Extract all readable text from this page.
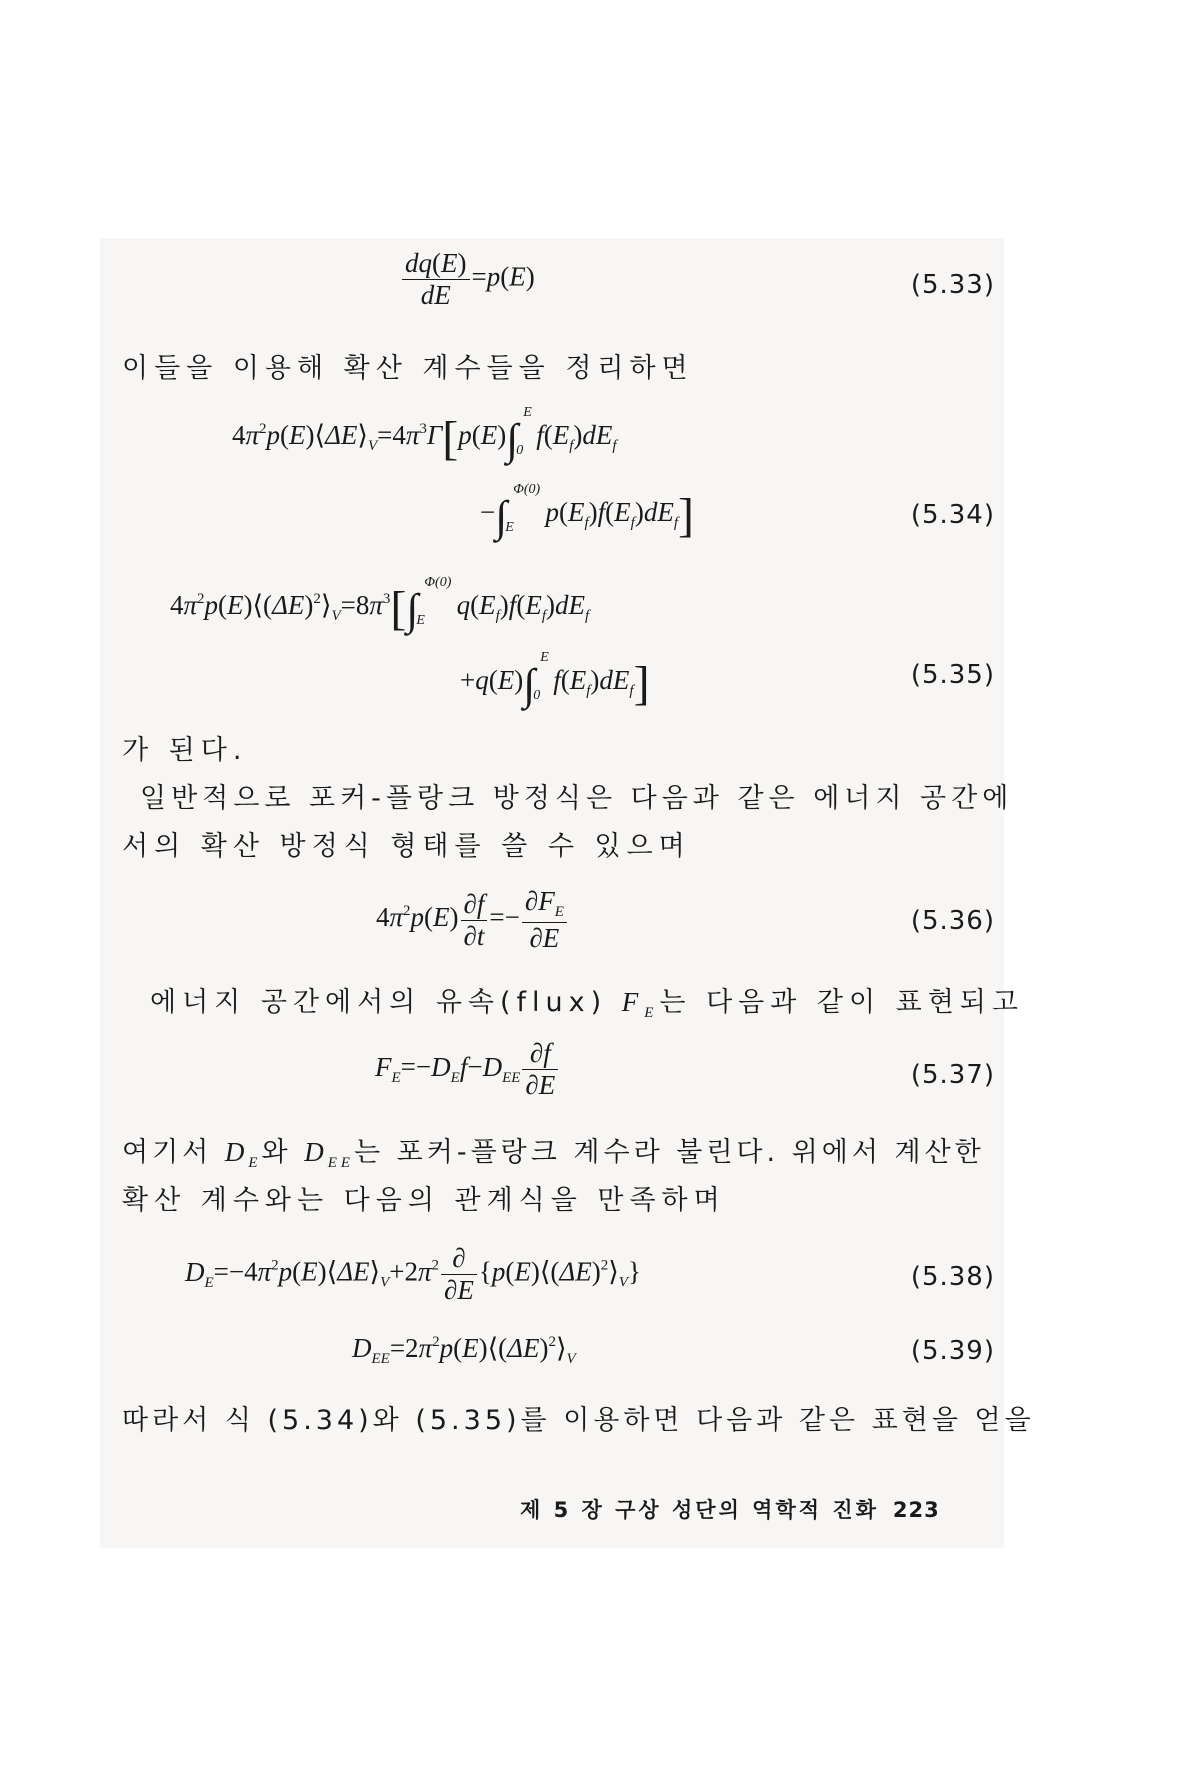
$\frac{dq(E)}{dE} =p(E)$	(5.33)
이들을 이용해 확산 계수들을 정리하면
$4\pi^2p(E)⟨\Delta E⟩_V=4\pi^3\Gamma[p(E)\int$
E
0
$f(E_f)dE_f$
−∫
Φ(0)
E
$p(E_f)f(E_f)dE_f$]	(5.34)
$4\pi^2p(E)⟨(\Delta E)^2⟩_V=8\pi^3[\int$
Φ(0)
E
$q(E_f)f(E_f)dE_f$
+q(E)∫
E
0
$f(E_f)dE_f$]	(5.35)
가 된다.
일반적으로 포커-플랑크 방정식은 다음과 같은 에너지 공간에
서의 확산 방정식 형태를 쓸 수 있으며
$4\pi^2p(E) \frac{\partial f}{\partial t} =- \frac{\partial F_E}{\partial E}$	(5.36)
에너지 공간에서의 유속(flux) $F_E$는 다음과 같이 표현되고
$F_E=-D_Ef-D_{EE} \frac{\partial f}{\partial E}$	(5.37)
여기서 $D_E$와 $D_{EE}$는 포커-플랑크 계수라 불린다. 위에서 계산한
확산 계수와는 다음의 관계식을 만족하며
$D_E=-4\pi^2p(E)⟨\Delta E⟩_V+2\pi^2 \frac{\partial}{\partial E}$ $\{p(E)⟨(\Delta E)^2⟩_V\}$	(5.38)
$D_{EE}=2\pi^2p(E)⟨(\Delta E)^2⟩_V$	(5.39)
따라서 식 (5.34)와 (5.35)를 이용하면 다음과 같은 표현을 얻을
제 5 장 구상 성단의 역학적 진화 223
